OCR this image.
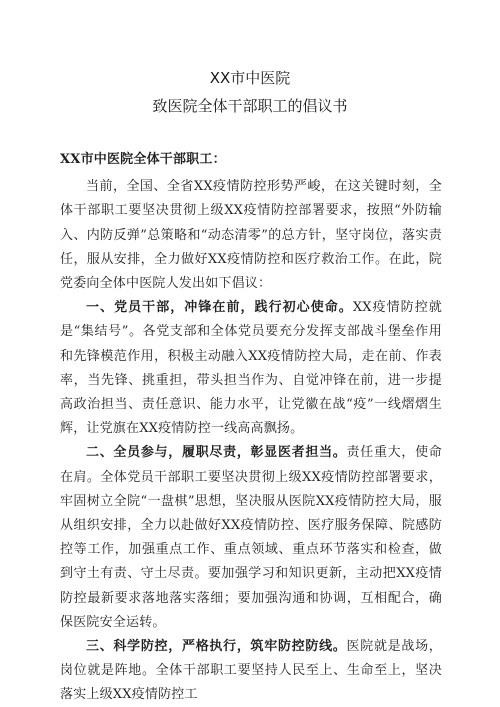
XX市中医院
致医院全体干部职工的倡议书

XX市中医院全体干部职工：

当前，全国、全省XX疫情防控形势严峻，在这关键时刻，全体干部职工要坚决贯彻上级XX疫情防控部署要求，按照“外防输入、内防反弹”总策略和“动态清零”的总方针，坚守岗位，落实责任，服从安排，全力做好XX疫情防控和医疗救治工作。在此，院党委向全体中医院人发出如下倡议：

一、党员干部，冲锋在前，践行初心使命。XX疫情防控就是“集结号”。各党支部和全体党员要充分发挥支部战斗堡垒作用和先锋模范作用，积极主动融入XX疫情防控大局，走在前、作表率，当先锋、挑重担，带头担当作为、自觉冲锋在前，进一步提高政治担当、责任意识、能力水平，让党徽在战“疫”一线熠熠生辉，让党旗在XX疫情防控一线高高飘扬。

二、全员参与，履职尽责，彰显医者担当。责任重大，使命在肩。全体党员干部职工要坚决贯彻上级XX疫情防控部署要求，牢固树立全院“一盘棋”思想，坚决服从医院XX疫情防控大局，服从组织安排，全力以赴做好XX疫情防控、医疗服务保障、院感防控等工作，加强重点工作、重点领域、重点环节落实和检查，做到守土有责、守土尽责。要加强学习和知识更新，主动把XX疫情防控最新要求落地落实落细；要加强沟通和协调，互相配合，确保医院安全运转。

三、科学防控，严格执行，筑牢防控防线。医院就是战场，岗位就是阵地。全体干部职工要坚持人民至上、生命至上，坚决落实上级XX疫情防控工
